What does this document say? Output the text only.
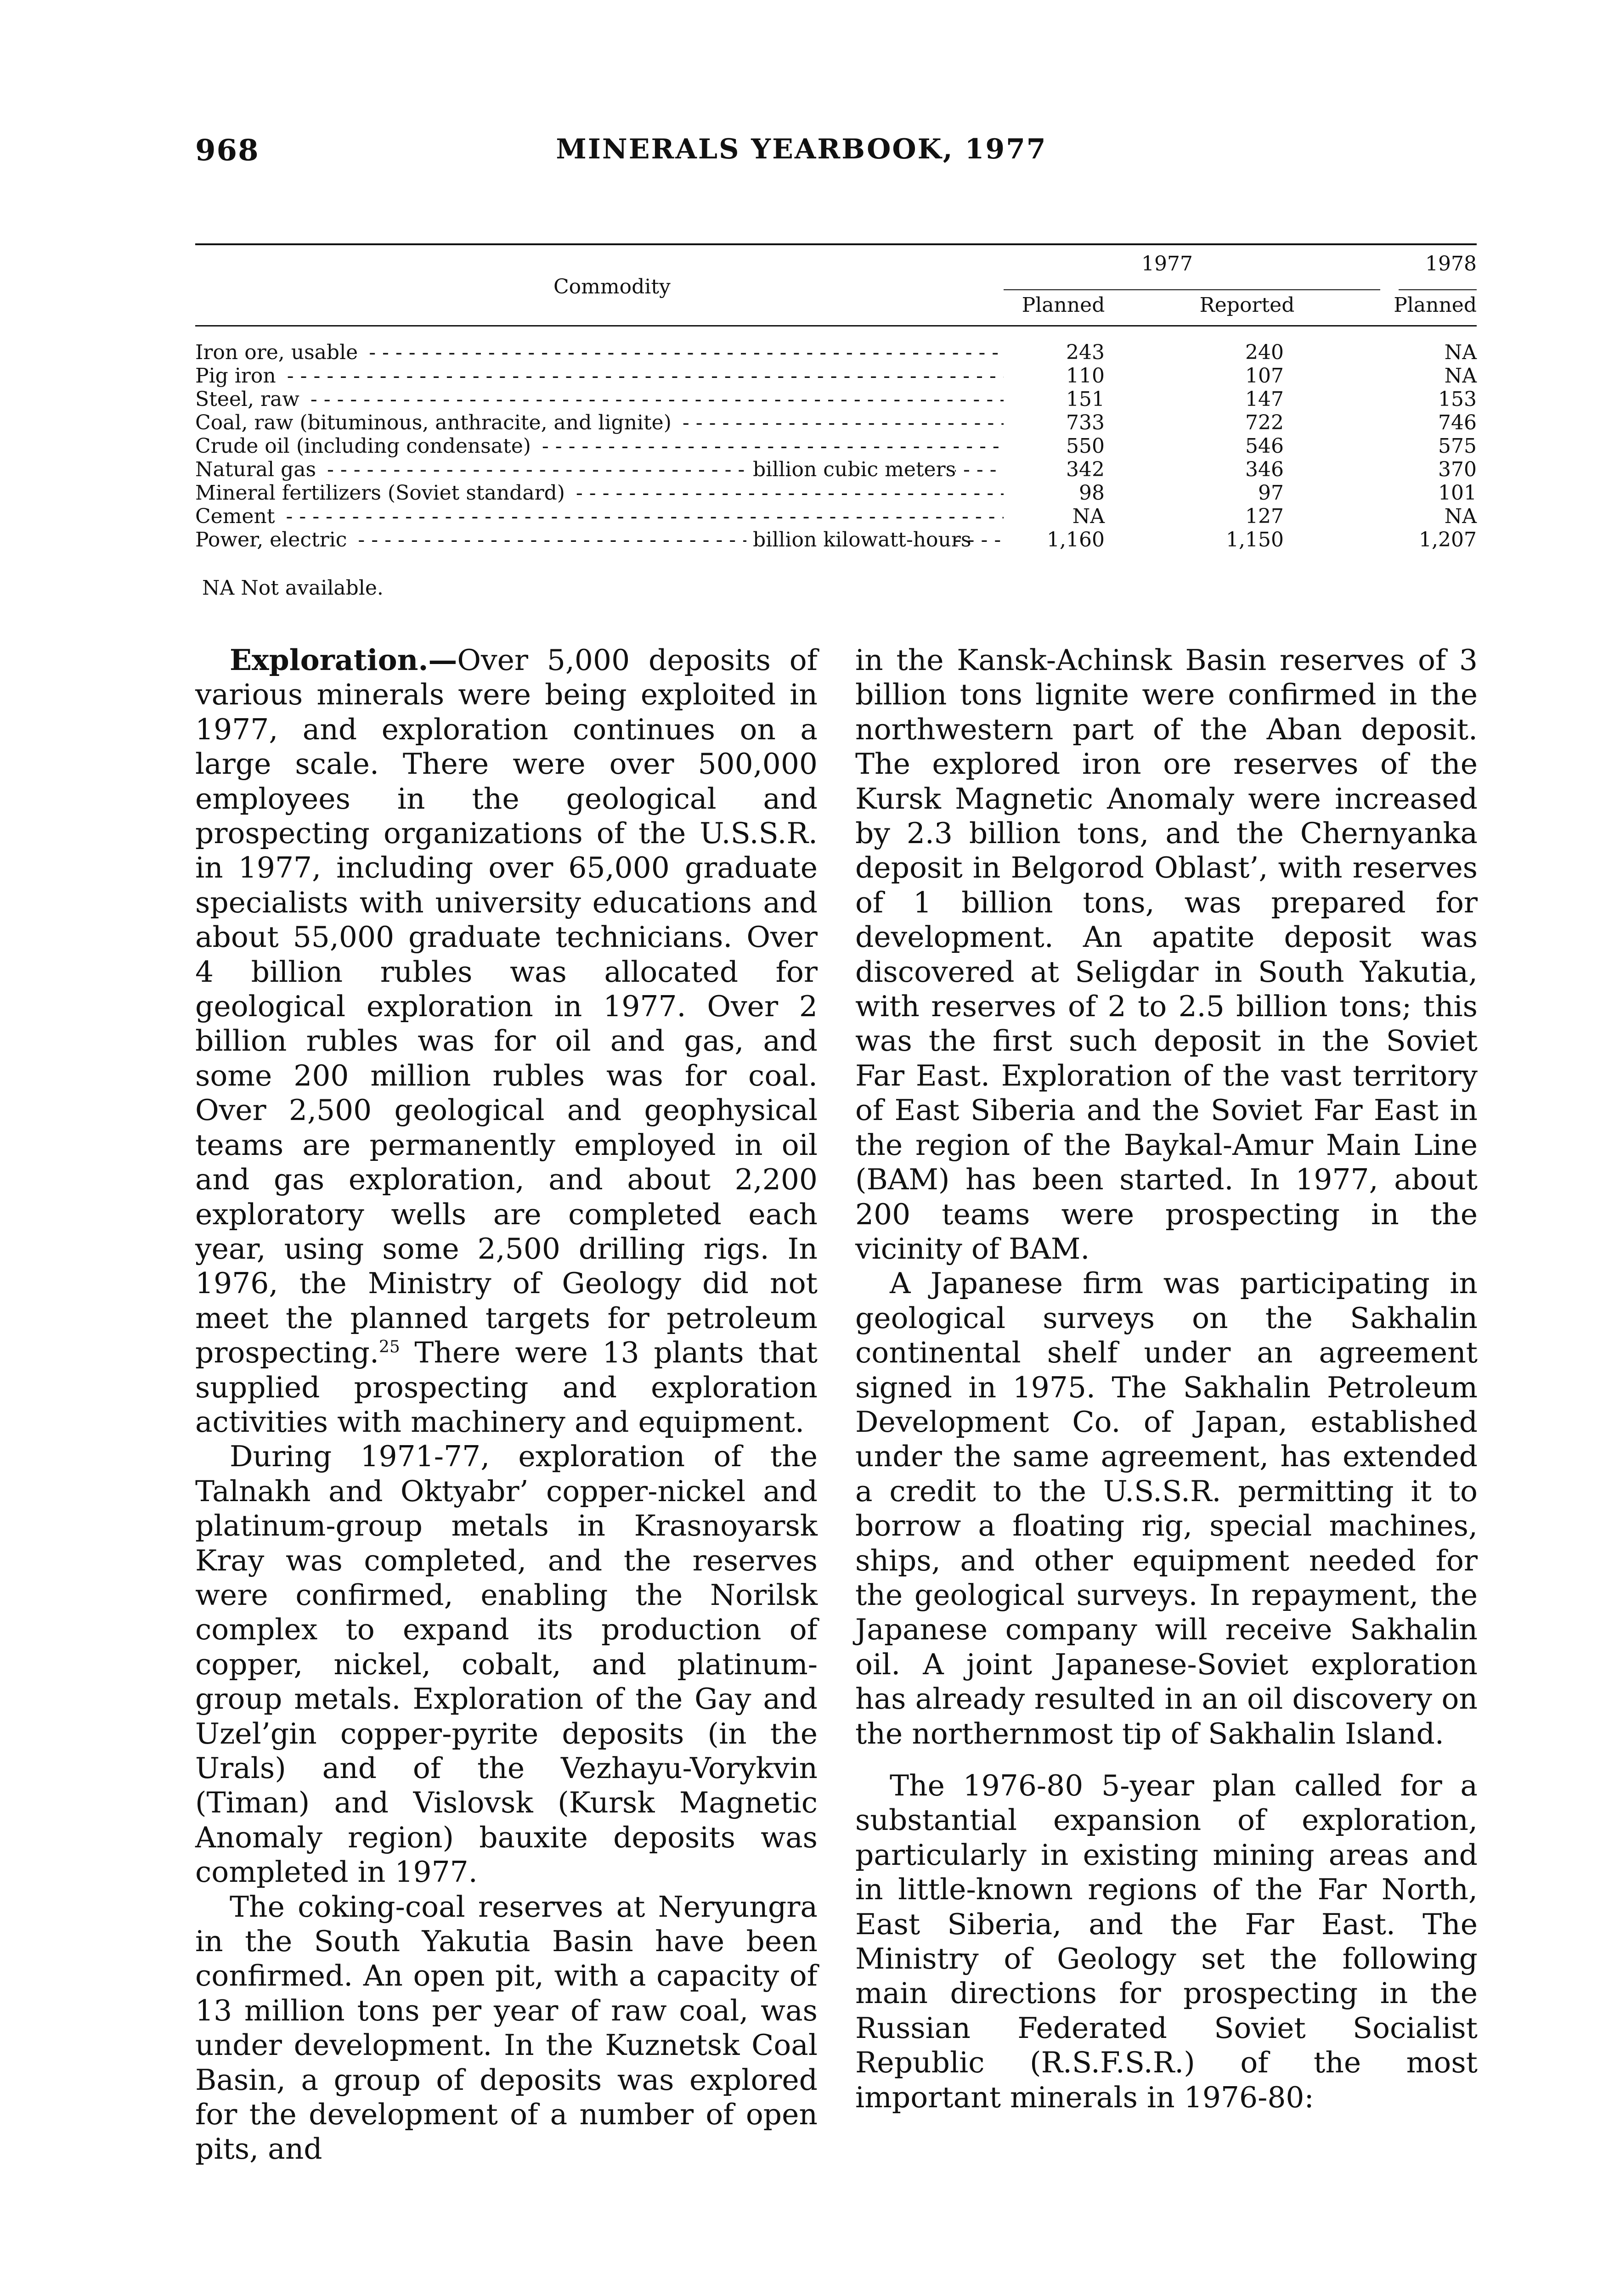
968	MINERALS YEARBOOK, 1977
Commodity
1977	1978
Planned	Reported	Planned
Iron ore, usable - - -	243	240	NA
Pig iron - - -	110	107	NA
Steel, raw - - -	151	147	153
Coal, raw (bituminous, anthracite, and lignite) - - -	733	722	746
Crude oil (including condensate) - - -	550	546	575
Natural gas - - -	billion cubic meters	342	346	370
Mineral fertilizers (Soviet standard) - - -	98	97	101
Cement - - -	NA	127	NA
Power, electric - - -	billion kilowatt-hours	1,160	1,150	1,207
NA Not available.

Exploration.—Over 5,000 deposits of various minerals were being exploited in 1977, and exploration continues on a large scale. There were over 500,000 employees in the geological and prospecting organizations of the U.S.S.R. in 1977, including over 65,000 graduate specialists with university educations and about 55,000 graduate technicians. Over 4 billion rubles was allocated for geological exploration in 1977. Over 2 billion rubles was for oil and gas, and some 200 million rubles was for coal. Over 2,500 geological and geophysical teams are permanently employed in oil and gas exploration, and about 2,200 exploratory wells are completed each year, using some 2,500 drilling rigs. In 1976, the Ministry of Geology did not meet the planned targets for petroleum prospecting.$^{25}$ There were 13 plants that supplied prospecting and exploration activities with machinery and equipment.

During 1971-77, exploration of the Talnakh and Oktyabr’ copper-nickel and platinum-group metals in Krasnoyarsk Kray was completed, and the reserves were confirmed, enabling the Norilsk complex to expand its production of copper, nickel, cobalt, and platinum-group metals. Exploration of the Gay and Uzel’gin copper-pyrite deposits (in the Urals) and of the Vezhayu-Vorykvin (Timan) and Vislovsk (Kursk Magnetic Anomaly region) bauxite deposits was completed in 1977.

The coking-coal reserves at Neryungra in the South Yakutia Basin have been confirmed. An open pit, with a capacity of 13 million tons per year of raw coal, was under development. In the Kuznetsk Coal Basin, a group of deposits was explored for the development of a number of open pits, and

in the Kansk-Achinsk Basin reserves of 3 billion tons lignite were confirmed in the northwestern part of the Aban deposit. The explored iron ore reserves of the Kursk Magnetic Anomaly were increased by 2.3 billion tons, and the Chernyanka deposit in Belgorod Oblast’, with reserves of 1 billion tons, was prepared for development. An apatite deposit was discovered at Seligdar in South Yakutia, with reserves of 2 to 2.5 billion tons; this was the first such deposit in the Soviet Far East. Exploration of the vast territory of East Siberia and the Soviet Far East in the region of the Baykal-Amur Main Line (BAM) has been started. In 1977, about 200 teams were prospecting in the vicinity of BAM.

A Japanese firm was participating in geological surveys on the Sakhalin continental shelf under an agreement signed in 1975. The Sakhalin Petroleum Development Co. of Japan, established under the same agreement, has extended a credit to the U.S.S.R. permitting it to borrow a floating rig, special machines, ships, and other equipment needed for the geological surveys. In repayment, the Japanese company will receive Sakhalin oil. A joint Japanese-Soviet exploration has already resulted in an oil discovery on the northernmost tip of Sakhalin Island.

The 1976-80 5-year plan called for a substantial expansion of exploration, particularly in existing mining areas and in little-known regions of the Far North, East Siberia, and the Far East. The Ministry of Geology set the following main directions for prospecting in the Russian Federated Soviet Socialist Republic (R.S.F.S.R.) of the most important minerals in 1976-80:
